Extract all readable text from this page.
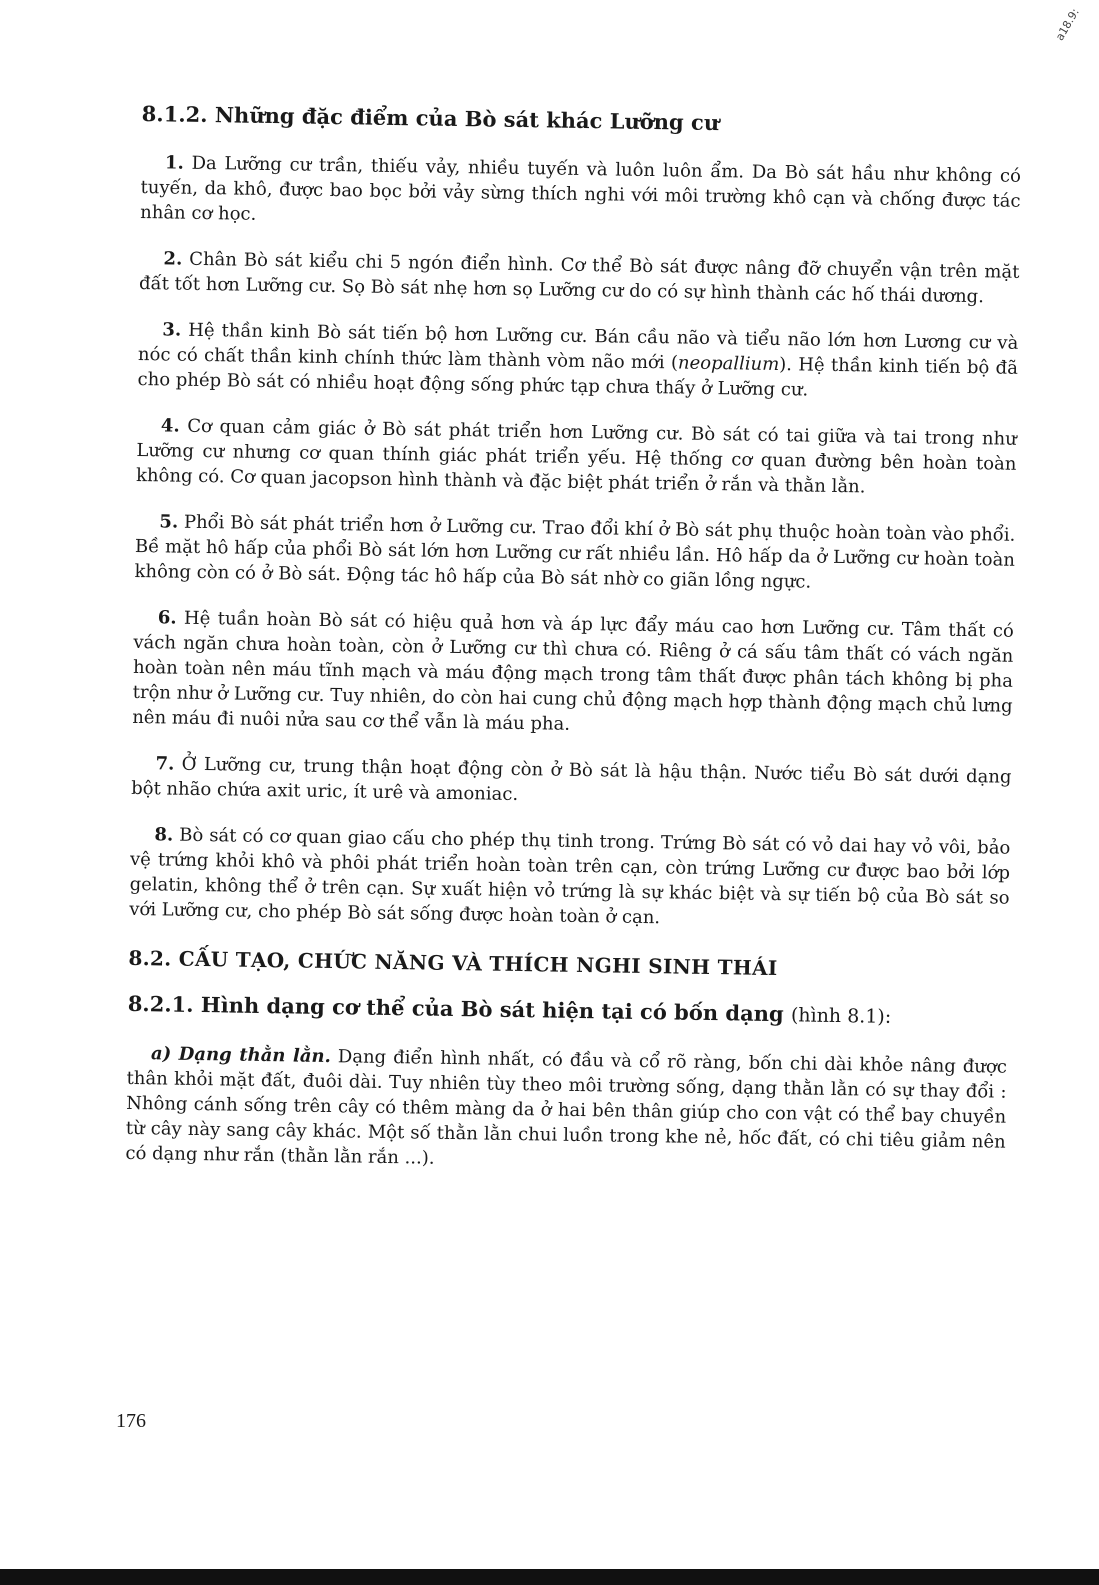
a18.9:
8.1.2. Những đặc điểm của Bò sát khác Lưỡng cư

1. Da Lưỡng cư trần, thiếu vảy, nhiều tuyến và luôn luôn ẩm. Da Bò sát hầu như không có tuyến, da khô, được bao bọc bởi vảy sừng thích nghi với môi trường khô cạn và chống được tác nhân cơ học.

2. Chân Bò sát kiểu chi 5 ngón điển hình. Cơ thể Bò sát được nâng đỡ chuyển vận trên mặt đất tốt hơn Lưỡng cư. Sọ Bò sát nhẹ hơn sọ Lưỡng cư do có sự hình thành các hố thái dương.

3. Hệ thần kinh Bò sát tiến bộ hơn Lưỡng cư. Bán cầu não và tiểu não lớn hơn Lương cư và nóc có chất thần kinh chính thức làm thành vòm não mới (neopallium). Hệ thần kinh tiến bộ đã cho phép Bò sát có nhiều hoạt động sống phức tạp chưa thấy ở Lưỡng cư.

4. Cơ quan cảm giác ở Bò sát phát triển hơn Lưỡng cư. Bò sát có tai giữa và tai trong như Lưỡng cư nhưng cơ quan thính giác phát triển yếu. Hệ thống cơ quan đường bên hoàn toàn không có. Cơ quan jacopson hình thành và đặc biệt phát triển ở rắn và thằn lằn.

5. Phổi Bò sát phát triển hơn ở Lưỡng cư. Trao đổi khí ở Bò sát phụ thuộc hoàn toàn vào phổi. Bề mặt hô hấp của phổi Bò sát lớn hơn Lưỡng cư rất nhiều lần. Hô hấp da ở Lưỡng cư hoàn toàn không còn có ở Bò sát. Động tác hô hấp của Bò sát nhờ co giãn lồng ngực.

6. Hệ tuần hoàn Bò sát có hiệu quả hơn và áp lực đẩy máu cao hơn Lưỡng cư. Tâm thất có vách ngăn chưa hoàn toàn, còn ở Lưỡng cư thì chưa có. Riêng ở cá sấu tâm thất có vách ngăn hoàn toàn nên máu tĩnh mạch và máu động mạch trong tâm thất được phân tách không bị pha trộn như ở Lưỡng cư. Tuy nhiên, do còn hai cung chủ động mạch hợp thành động mạch chủ lưng nên máu đi nuôi nửa sau cơ thể vẫn là máu pha.

7. Ở Lưỡng cư, trung thận hoạt động còn ở Bò sát là hậu thận. Nước tiểu Bò sát dưới dạng bột nhão chứa axit uric, ít urê và amoniac.

8. Bò sát có cơ quan giao cấu cho phép thụ tinh trong. Trứng Bò sát có vỏ dai hay vỏ vôi, bảo vệ trứng khỏi khô và phôi phát triển hoàn toàn trên cạn, còn trứng Lưỡng cư được bao bởi lớp gelatin, không thể ở trên cạn. Sự xuất hiện vỏ trứng là sự khác biệt và sự tiến bộ của Bò sát so với Lưỡng cư, cho phép Bò sát sống được hoàn toàn ở cạn.

8.2. CẤU TẠO, CHỨC NĂNG VÀ THÍCH NGHI SINH THÁI
8.2.1. Hình dạng cơ thể của Bò sát hiện tại có bốn dạng (hình 8.1):

a) Dạng thằn lằn. Dạng điển hình nhất, có đầu và cổ rõ ràng, bốn chi dài khỏe nâng được thân khỏi mặt đất, đuôi dài. Tuy nhiên tùy theo môi trường sống, dạng thằn lằn có sự thay đổi : Nhông cánh sống trên cây có thêm màng da ở hai bên thân giúp cho con vật có thể bay chuyền từ cây này sang cây khác. Một số thằn lằn chui luồn trong khe nẻ, hốc đất, có chi tiêu giảm nên có dạng như rắn (thằn lằn rắn ...).

176
